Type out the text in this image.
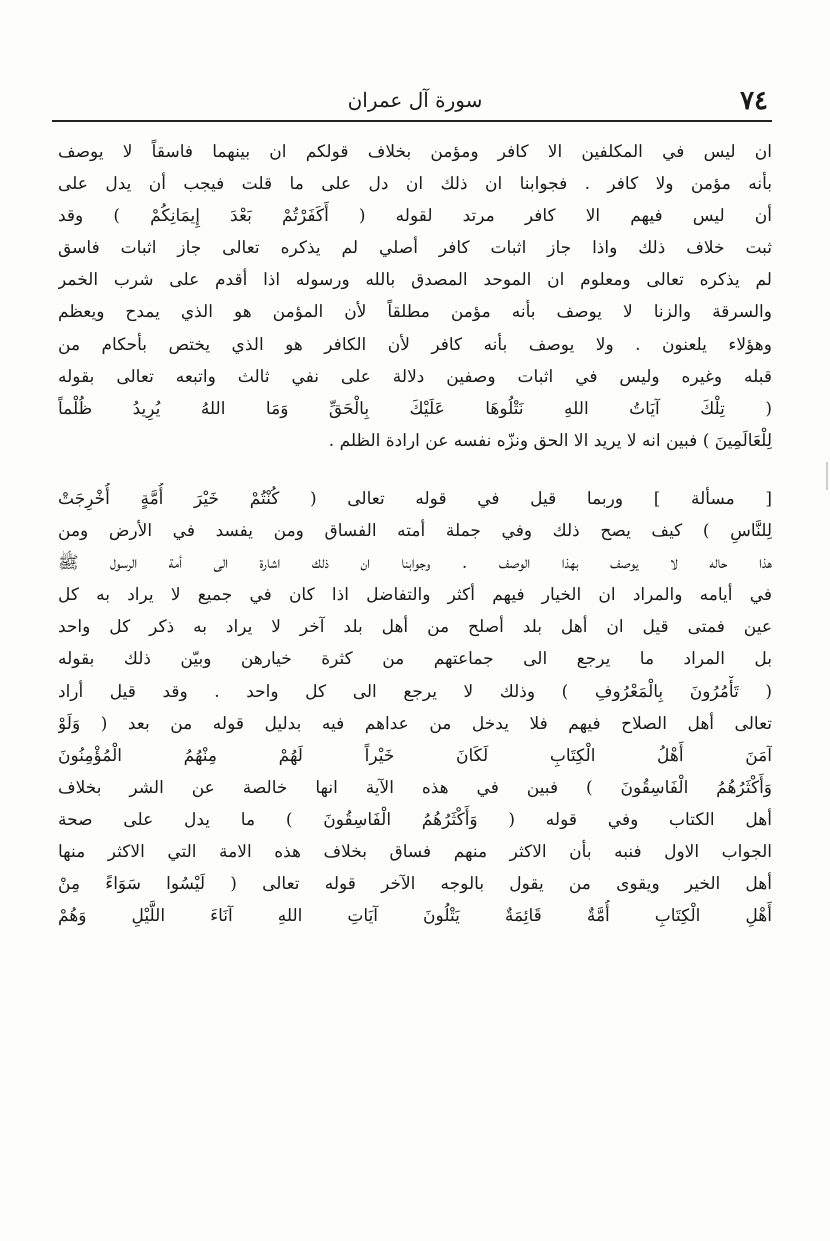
٧٤
سورة آل عمران
ان ليس في المكلفين الا كافر ومؤمن بخلاف قولكم ان بينهما فاسقاً لا يوصف
بأنه مؤمن ولا كافر . فجوابنا ان ذلك ان دل على ما قلت فيجب أن يدل على
أن ليس فيهم الا كافر مرتد لقوله ( أَكَفَرْتُمْ بَعْدَ إِيمَانِكُمْ ) وقد
ثبت خلاف ذلك واذا جاز اثبات كافر أصلي لم يذكره تعالى جاز اثبات فاسق
لم يذكره تعالى ومعلوم ان الموحد المصدق بالله ورسوله اذا أقدم على شرب الخمر
والسرقة والزنا لا يوصف بأنه مؤمن مطلقاً لأن المؤمن هو الذي يمدح ويعظم
وهؤلاء يلعنون . ولا يوصف بأنه كافر لأن الكافر هو الذي يختص بأحكام من
قبله وغيره وليس في اثبات وصفين دلالة على نفي ثالث واتبعه تعالى بقوله
( تِلْكَ آيَاتُ اللهِ نَتْلُوهَا عَلَيْكَ بِالْحَقِّ وَمَا اللهُ يُرِيدُ ظُلْماً
لِلْعَالَمِينَ ) فبين انه لا يريد الا الحق ونزّه نفسه عن ارادة الظلم .
[ مسألة ] وربما قيل في قوله تعالى ( كُنْتُمْ خَيْرَ أُمَّةٍ أُخْرِجَتْ
لِلنَّاسِ ) كيف يصح ذلك وفي جملة أمته الفساق ومن يفسد في الأرض ومن
هذا حاله لا يوصف بهذا الوصف . وجوابنا ان ذلك اشارة الى أمة الرسول ﷺ
في أيامه والمراد ان الخيار فيهم أكثر والتفاضل اذا كان في جميع لا يراد به كل
عين فمتى قيل ان أهل بلد أصلح من أهل بلد آخر لا يراد به ذكر كل واحد
بل المراد ما يرجع الى جماعتهم من كثرة خيارهن وبيّن ذلك بقوله
( تَأْمُرُونَ بِالْمَعْرُوفِ ) وذلك لا يرجع الى كل واحد . وقد قيل أراد
تعالى أهل الصلاح فيهم فلا يدخل من عداهم فيه بدليل قوله من بعد ( وَلَوْ
آمَنَ أَهْلُ الْكِتَابِ لَكَانَ خَيْراً لَهُمْ مِنْهُمُ الْمُؤْمِنُونَ
وَأَكْثَرُهُمُ الْفَاسِقُونَ ) فبين في هذه الآية انها خالصة عن الشر بخلاف
أهل الكتاب وفي قوله ( وَأَكْثَرُهُمُ الْفَاسِقُونَ ) ما يدل على صحة
الجواب الاول فنبه بأن الاكثر منهم فساق بخلاف هذه الامة التي الاكثر منها
أهل الخير ويقوى من يقول بالوجه الآخر قوله تعالى ( لَيْسُوا سَوَاءً مِنْ
أَهْلِ الْكِتَابِ أُمَّةٌ قَائِمَةٌ يَتْلُونَ آيَاتِ اللهِ آنَاءَ اللَّيْلِ وَهُمْ
